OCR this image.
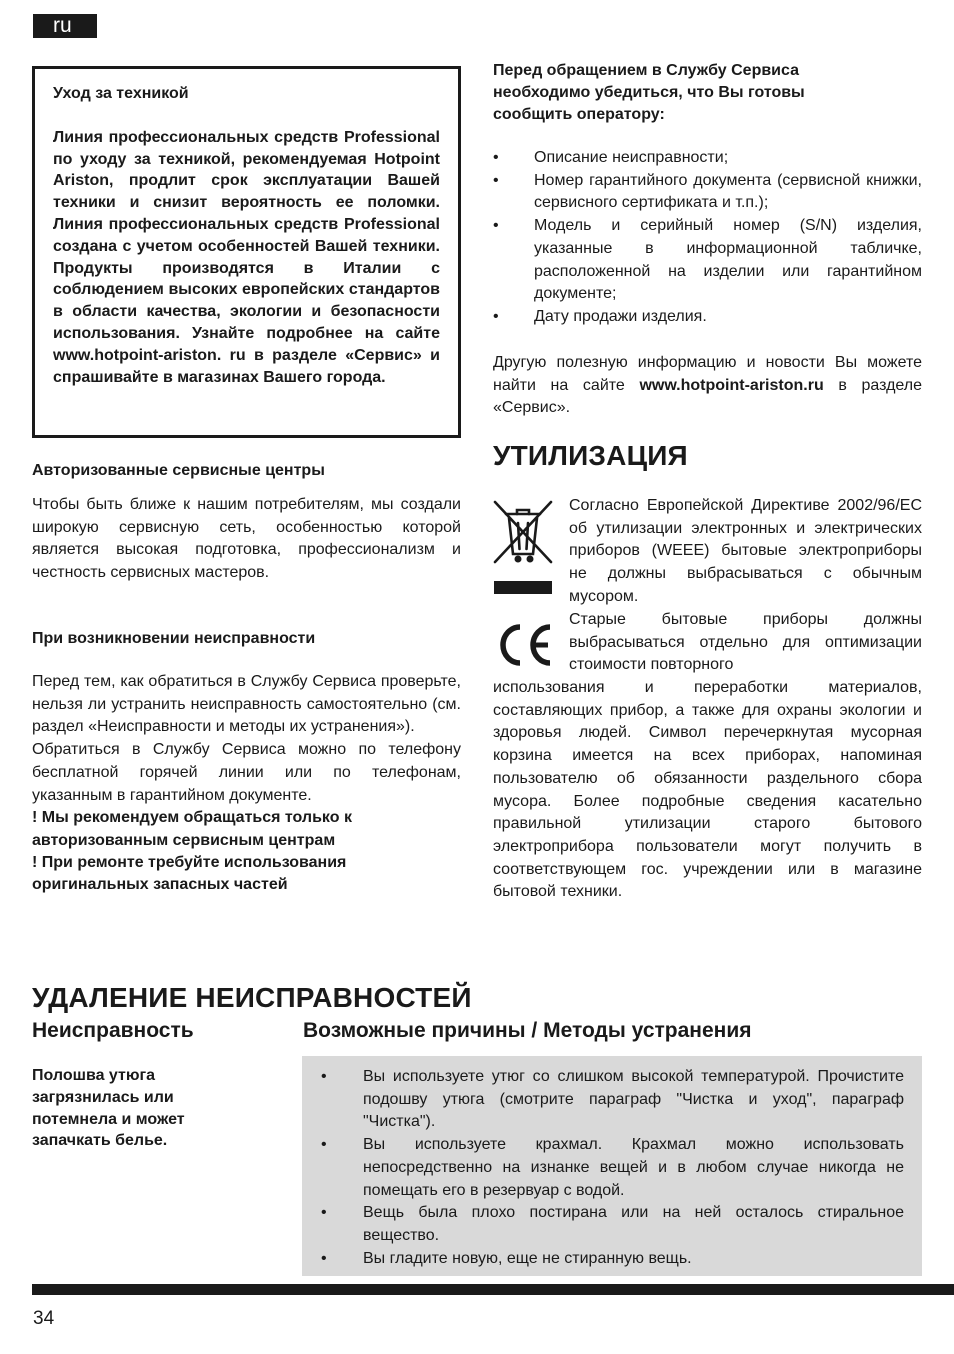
ru
Уход за техникой
Линия профессиональных средств Professional по уходу за техникой, рекомендуемая Hotpoint Ariston, продлит срок эксплуатации Вашей техники и снизит вероятность ее поломки. Линия профессиональных средств Professional создана с учетом особенностей Вашей техники. Продукты производятся в Италии с соблюдением высоких европейских стандартов в области качества, экологии и безопасности использования. Узнайте подробнее на сайте www.hotpoint-ariston. ru в разделе «Сервис» и спрашивайте в магазинах Вашего города.
Авторизованные сервисные центры
Чтобы быть ближе к нашим потребителям, мы создали широкую сервисную сеть, особенностью которой является высокая подготовка, профессионализм и честность сервисных мастеров.
При возникновении неисправности
Перед тем, как обратиться в Службу Сервиса проверьте, нельзя ли устранить неисправность самостоятельно (см. раздел «Неисправности и методы их устранения»).
Обратиться в Службу Сервиса можно по телефону бесплатной горячей линии или по телефонам, указанным в гарантийном документе.
! Мы рекомендуем обращаться только к авторизованным сервисным центрам
! При ремонте требуйте использования оригинальных запасных частей
Перед обращением в Службу Сервиса необходимо убедиться, что Вы готовы сообщить оператору:
• Описание неисправности;
• Номер гарантийного документа (сервисной книжки, сервисного сертификата и т.п.);
• Модель и серийный номер (S/N) изделия, указанные в информационной табличке, расположенной на изделии или гарантийном документе;
• Дату продажи изделия.
Другую полезную информацию и новости Вы можете найти на сайте www.hotpoint-ariston.ru в разделе «Сервис».
УТИЛИЗАЦИЯ
Согласно Европейской Директиве 2002/96/EC об утилизации электронных и электрических приборов (WEEE) бытовые электроприборы не должны выбрасываться с обычным мусором.
Старые бытовые приборы должны выбрасываться отдельно для оптимизации стоимости повторного
использования и переработки материалов, составляющих прибор, а также для охраны экологии и здоровья людей. Символ перечеркнутая мусорная корзина имеется на всех приборах, напоминая пользователю об обязанности раздельного сбора мусора. Более подробные сведения касательно правильной утилизации старого бытового электроприбора пользователи могут получить в соответствующем гос. учреждении или в магазине бытовой техники.
УДАЛЕНИЕ НЕИСПРАВНОСТЕЙ
Неисправность	Возможные причины / Методы устранения
Полошва утюга загрязнилась или потемнела и может запачкать белье.
• Вы используете утюг со слишком высокой температурой. Прочистите подошву утюга (смотрите параграф "Чистка и уход", параграф "Чистка").
• Вы используете крахмал. Крахмал можно использовать непосредственно на изнанке вещей и в любом случае никогда не помещать его в резервуар с водой.
• Вещь была плохо постирана или на ней осталось стиральное вещество.
• Вы гладите новую, еще не стиранную вещь.
34
